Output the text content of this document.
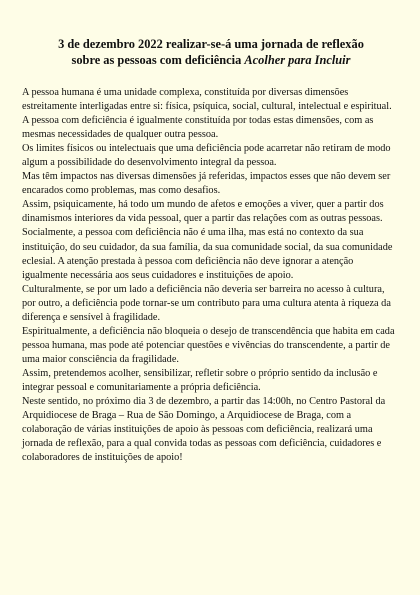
3 de dezembro 2022 realizar-se-á uma jornada de reflexão
sobre as pessoas com deficiência Acolher para Incluir

A pessoa humana é uma unidade complexa, constituída por diversas dimensões estreitamente interligadas entre si: física, psíquica, social, cultural, intelectual e espiritual.

A pessoa com deficiência é igualmente constituída por todas estas dimensões, com as mesmas necessidades de qualquer outra pessoa.

Os limites físicos ou intelectuais que uma deficiência pode acarretar não retiram de modo algum a possibilidade do desenvolvimento integral da pessoa.

Mas têm impactos nas diversas dimensões já referidas, impactos esses que não devem ser encarados como problemas, mas como desafios.

Assim, psiquicamente, há todo um mundo de afetos e emoções a viver, quer a partir dos dinamismos interiores da vida pessoal, quer a partir das relações com as outras pessoas.

Socialmente, a pessoa com deficiência não é uma ilha, mas está no contexto da sua instituição, do seu cuidador, da sua família, da sua comunidade social, da sua comunidade eclesial. A atenção prestada à pessoa com deficiência não deve ignorar a atenção igualmente necessária aos seus cuidadores e instituições de apoio.

Culturalmente, se por um lado a deficiência não deveria ser barreira no acesso à cultura, por outro, a deficiência pode tornar-se um contributo para uma cultura atenta à riqueza da diferença e sensível à fragilidade.

Espiritualmente, a deficiência não bloqueia o desejo de transcendência que habita em cada pessoa humana, mas pode até potenciar questões e vivências do transcendente, a partir de uma maior consciência da fragilidade.

Assim, pretendemos acolher, sensibilizar, refletir sobre o próprio sentido da inclusão e integrar pessoal e comunitariamente a própria deficiência.

Neste sentido, no próximo dia 3 de dezembro, a partir das 14:00h, no Centro Pastoral da Arquidiocese de Braga – Rua de São Domingo, a Arquidiocese de Braga, com a colaboração de várias instituições de apoio às pessoas com deficiência, realizará uma jornada de reflexão, para a qual convida todas as pessoas com deficiência, cuidadores e colaboradores de instituições de apoio!
